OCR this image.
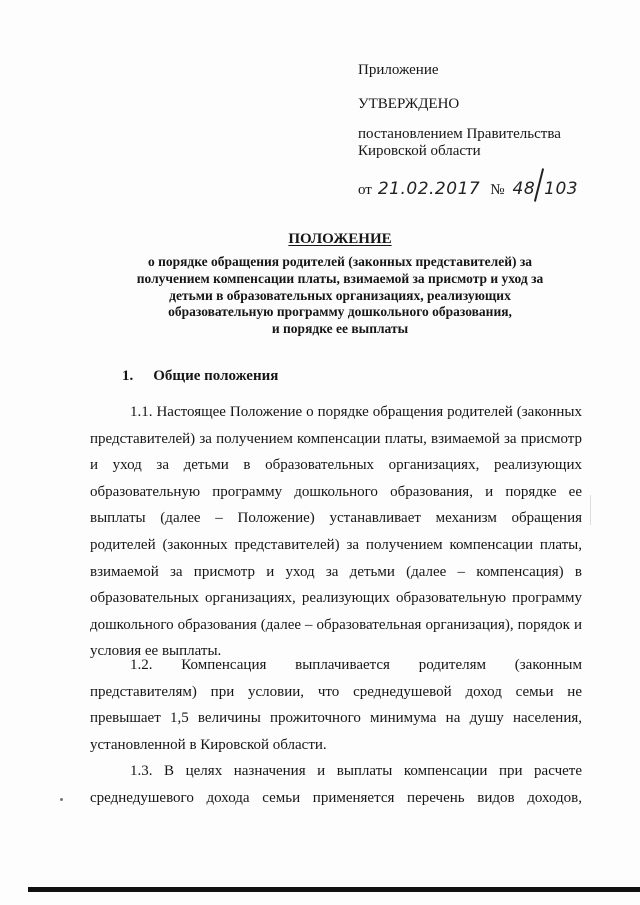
Приложение
УТВЕРЖДЕНО
постановлением Правительства
Кировской области
от 21.02.2017 № 48 103
ПОЛОЖЕНИЕ
о порядке обращения родителей (законных представителей) за
получением компенсации платы, взимаемой за присмотр и уход за
детьми в образовательных организациях, реализующих
образовательную программу дошкольного образования,
и порядке ее выплаты
1. Общие положения

1.1. Настоящее Положение о порядке обращения родителей (законных представителей) за получением компенсации платы, взимаемой за присмотр и уход за детьми в образовательных организациях, реализующих образовательную программу дошкольного образования, и порядке ее выплаты (далее – Положение) устанавливает механизм обращения родителей (законных представителей) за получением компенсации платы, взимаемой за присмотр и уход за детьми (далее – компенсация) в образовательных организациях, реализующих образовательную программу дошкольного образования (далее – образовательная организация), порядок и условия ее выплаты.

1.2. Компенсация выплачивается родителям (законным представителям) при условии, что среднедушевой доход семьи не превышает 1,5 величины прожиточного минимума на душу населения, установленной в Кировской области.

1.3. В целях назначения и выплаты компенсации при расчете среднедушевого дохода семьи применяется перечень видов доходов,
